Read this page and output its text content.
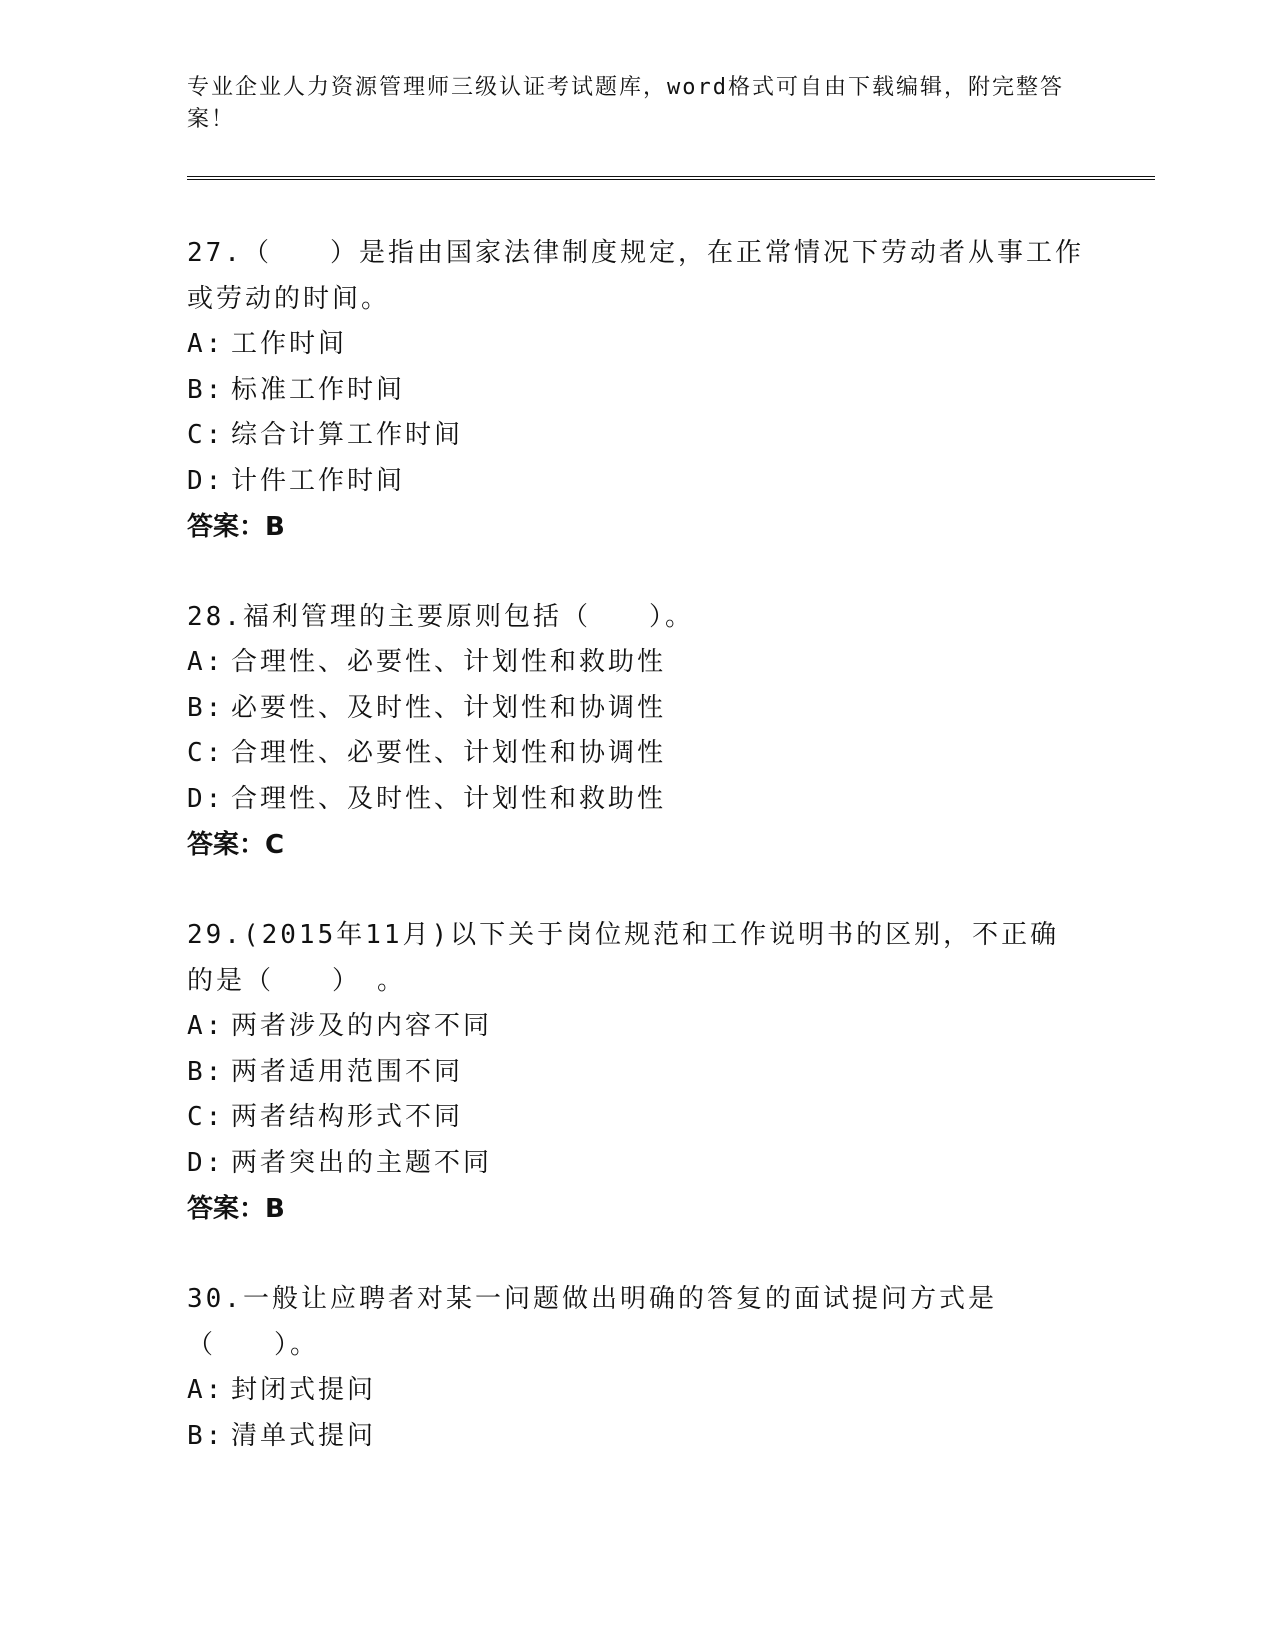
专业企业人力资源管理师三级认证考试题库，word格式可自由下载编辑，附完整答案！

27.（　　）是指由国家法律制度规定，在正常情况下劳动者从事工作或劳动的时间。

A: 工作时间

B: 标准工作时间

C: 综合计算工作时间

D: 计件工作时间

答案：B

28.福利管理的主要原则包括（　　）。

A: 合理性、必要性、计划性和救助性

B: 必要性、及时性、计划性和协调性

C: 合理性、必要性、计划性和协调性

D: 合理性、及时性、计划性和救助性

答案：C

29.(2015年11月)以下关于岗位规范和工作说明书的区别，不正确的是（　　）　。

A: 两者涉及的内容不同

B: 两者适用范围不同

C: 两者结构形式不同

D: 两者突出的主题不同

答案：B

30.一般让应聘者对某一问题做出明确的答复的面试提问方式是（　　）。

A: 封闭式提问

B: 清单式提问
